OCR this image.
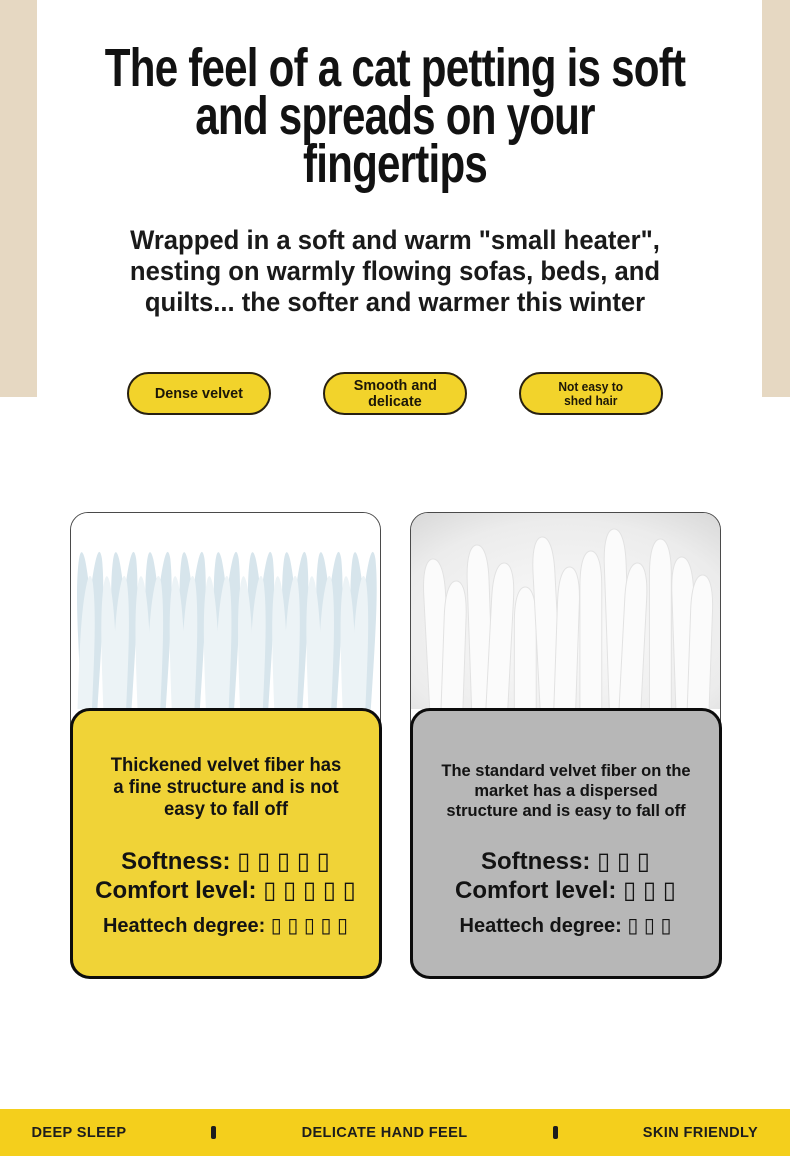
The feel of a cat petting is soft
and spreads on your
fingertips

Wrapped in a soft and warm "small heater",
nesting on warmly flowing sofas, beds, and
quilts... the softer and warmer this winter

Dense velvet	Smooth and
delicate
Not easy to
shed hair
Thickened velvet fiber has
a fine structure and is not
easy to fall off
Softness: ▯ ▯ ▯ ▯ ▯
Comfort level: ▯ ▯ ▯ ▯ ▯
Heattech degree: ▯ ▯ ▯ ▯ ▯
The standard velvet fiber on the
market has a dispersed
structure and is easy to fall off
Softness: ▯ ▯ ▯
Comfort level: ▯ ▯ ▯
Heattech degree: ▯ ▯ ▯
DEEP SLEEP	DELICATE HAND FEEL	SKIN FRIENDLY
